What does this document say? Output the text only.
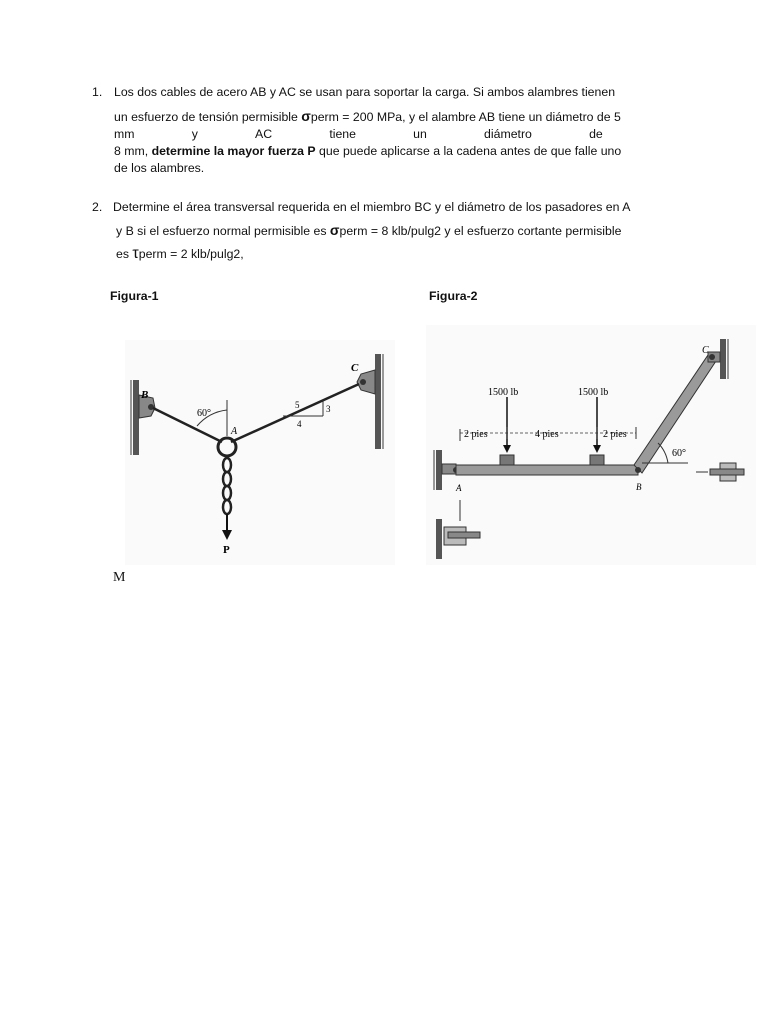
1. Los dos cables de acero AB y AC se usan para soportar la carga. Si ambos alambres tienen
un esfuerzo de tensión permisible σperm = 200 MPa, y el alambre AB tiene un diámetro de 5
mm	y	AC	tiene	un	diámetro	de
8 mm, determine la mayor fuerza P que puede aplicarse a la cadena antes de que falle uno
de los alambres.
2. Determine el área transversal requerida en el miembro BC y el diámetro de los pasadores en A
y B si el esfuerzo normal permisible es σperm = 8 klb/pulg2 y el esfuerzo cortante permisible
es τperm = 2 klb/pulg2,
Figura-1	Figura-2
B
C
A
60°
5	3
4
P
1500 lb	1500 lb
2 pies	4 pies	2 pies
60°
A	B
C
M
